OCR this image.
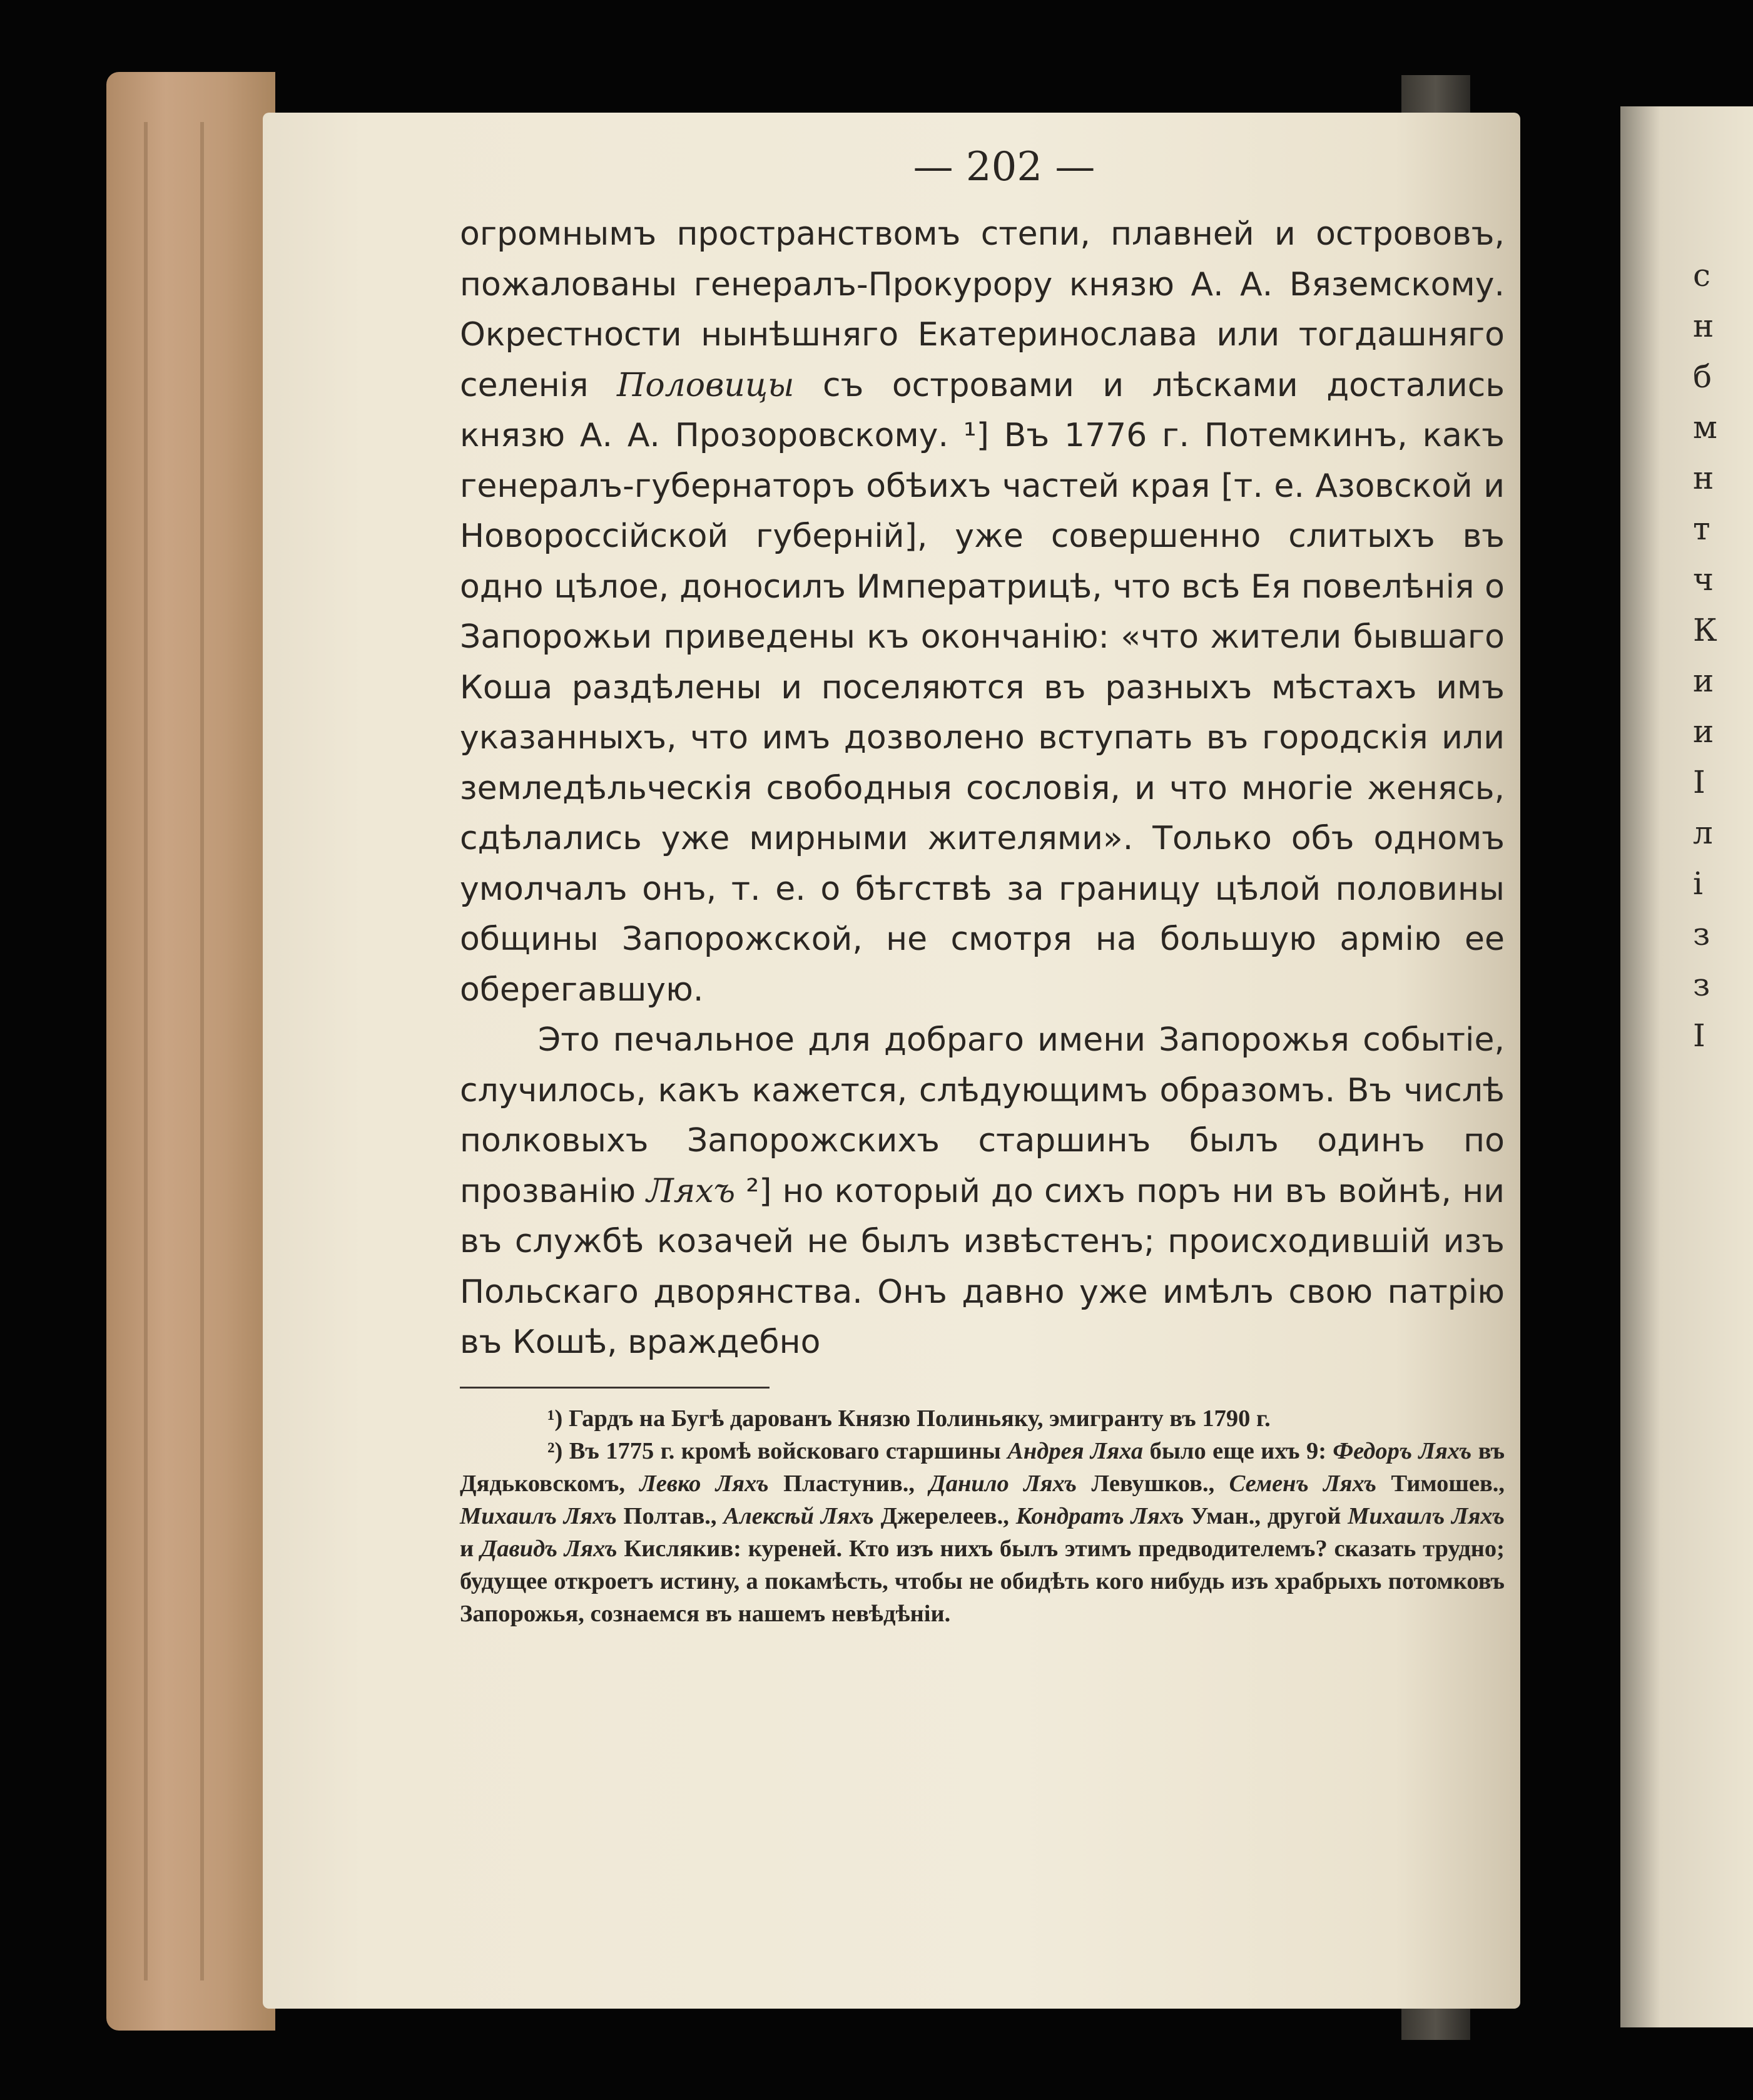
с
н
б
м
н
т
ч
К
и
и
I
л
і
з
з
I
— 202 —

огромнымъ пространствомъ степи, плавней и острововъ, пожалованы генералъ-Прокурору князю А. А. Вяземскому. Окрестности нынѣшняго Екатеринослава или тогдашняго селенія Половицы съ островами и лѣсками достались князю А. А. Прозоровскому. ¹] Въ 1776 г. Потемкинъ, какъ генералъ-губернаторъ обѣихъ частей края [т. е. Азовской и Новороссійской губерній], уже совершенно слитыхъ въ одно цѣлое, доносилъ Императрицѣ, что всѣ Ея повелѣнія о Запорожьи приведены къ окончанію: «что жители бывшаго Коша раздѣлены и поселяются въ разныхъ мѣстахъ имъ указанныхъ, что имъ дозволено вступать въ городскія или земледѣльческія свободныя сословія, и что многіе женясь, сдѣлались уже мирными жителями». Только объ одномъ умолчалъ онъ, т. е. о бѣгствѣ за границу цѣлой половины общины Запорожской, не смотря на большую армію ее оберегавшую.

Это печальное для добраго имени Запорожья событіе, случилось, какъ кажется, слѣдующимъ образомъ. Въ числѣ полковыхъ Запорожскихъ старшинъ былъ одинъ по прозванію Ляхъ ²] но который до сихъ поръ ни въ войнѣ, ни въ службѣ козачей не былъ извѣстенъ; происходившій изъ Польскаго дворянства. Онъ давно уже имѣлъ свою патрію въ Кошѣ, враждебно

¹) Гардъ на Бугѣ дарованъ Князю Полиньяку, эмигранту въ 1790 г.

²) Въ 1775 г. кромѣ войсковаго старшины Андрея Ляха было еще ихъ 9: Федоръ Ляхъ въ Дядьковскомъ, Левко Ляхъ Пластунив., Данило Ляхъ Левушков., Семенъ Ляхъ Тимошев., Михаилъ Ляхъ Полтав., Алексѣй Ляхъ Джерелеев., Кондратъ Ляхъ Уман., другой Михаилъ Ляхъ и Давидъ Ляхъ Кислякив: куреней. Кто изъ нихъ былъ этимъ предводителемъ? сказать трудно; будущее откроетъ истину, а покамѣсть, чтобы не обидѣть кого нибудь изъ храбрыхъ потомковъ Запорожья, сознаемся въ нашемъ невѣдѣніи.
